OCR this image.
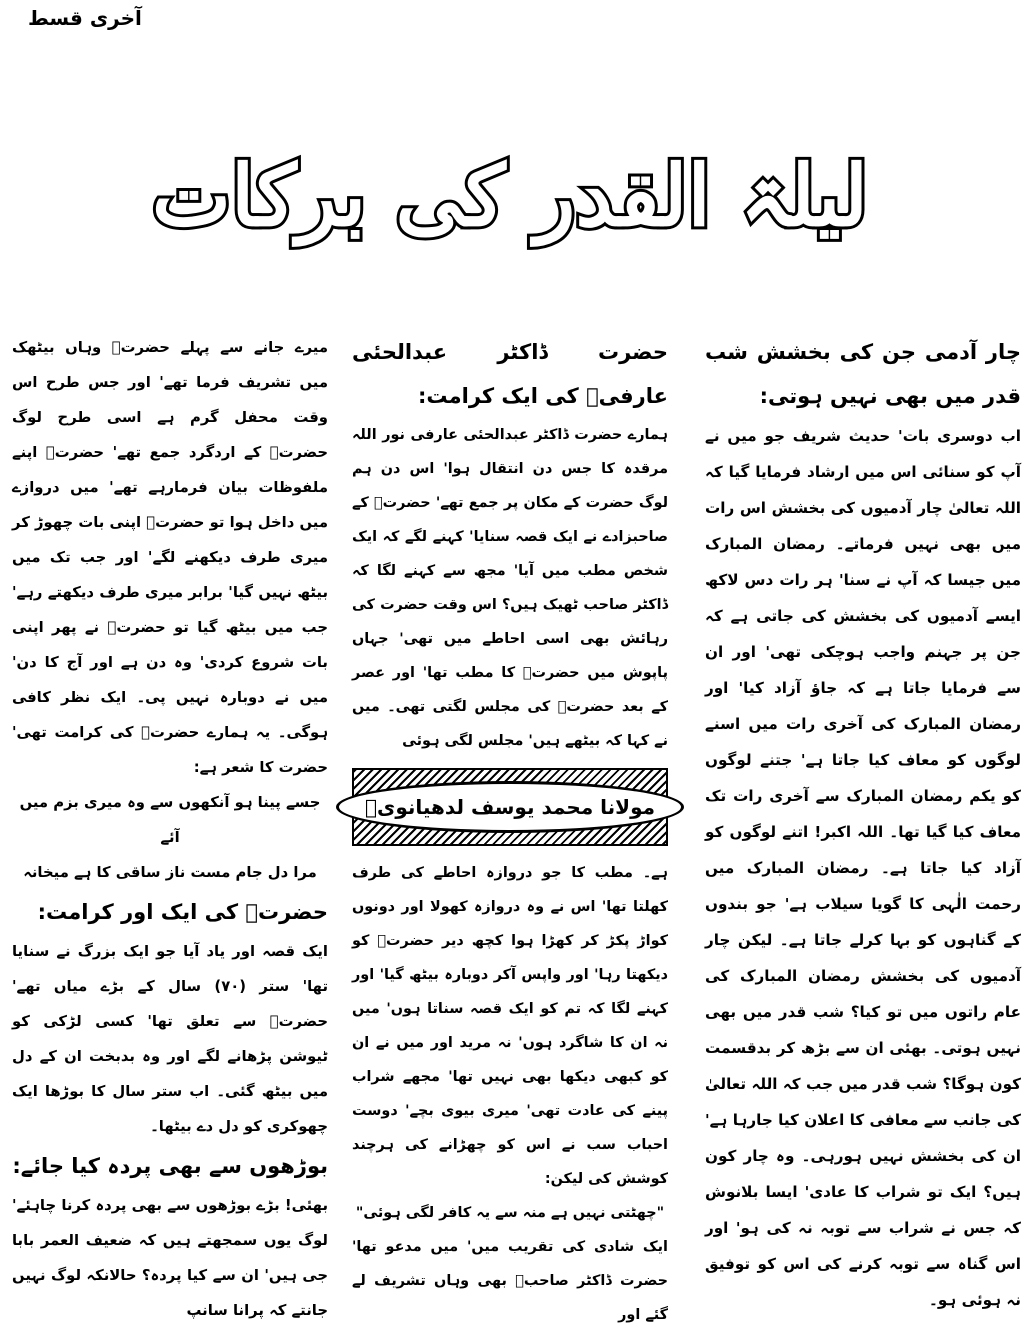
آخری قسط
لیلۃ القدر کی برکات

چار آدمی جن کی بخشش شب قدر میں بھی نہیں ہوتی:

اب دوسری بات' حدیث شریف جو میں نے آپ کو سنائی اس میں ارشاد فرمایا گیا کہ اللہ تعالیٰ چار آدمیوں کی بخشش اس رات میں بھی نہیں فرماتے۔ رمضان المبارک میں جیسا کہ آپ نے سنا' ہر رات دس لاکھ ایسے آدمیوں کی بخشش کی جاتی ہے کہ جن پر جہنم واجب ہوچکی تھی' اور ان سے فرمایا جاتا ہے کہ جاؤ آزاد کیا' اور رمضان المبارک کی آخری رات میں اسنے لوگوں کو معاف کیا جاتا ہے' جتنے لوگوں کو یکم رمضان المبارک سے آخری رات تک معاف کیا گیا تھا۔ اللہ اکبر! اتنے لوگوں کو آزاد کیا جاتا ہے۔ رمضان المبارک میں رحمت الٰہی کا گویا سیلاب ہے' جو بندوں کے گناہوں کو بہا کرلے جاتا ہے۔ لیکن چار آدمیوں کی بخشش رمضان المبارک کی عام راتوں میں تو کیا؟ شب قدر میں بھی نہیں ہوتی۔ بھئی ان سے بڑھ کر بدقسمت کون ہوگا؟ شب قدر میں جب کہ اللہ تعالیٰ کی جانب سے معافی کا اعلان کیا جارہا ہے' ان کی بخشش نہیں ہورہی۔ وہ چار کون ہیں؟ ایک تو شراب کا عادی' ایسا بلانوش کہ جس نے شراب سے توبہ نہ کی ہو' اور اس گناہ سے توبہ کرنے کی اس کو توفیق نہ ہوئی ہو۔

حضرت ڈاکٹر عبدالحئی عارفیؒ کی ایک کرامت:

ہمارے حضرت ڈاکٹر عبدالحئی عارفی نور اللہ مرقدہ کا جس دن انتقال ہوا' اس دن ہم لوگ حضرت کے مکان پر جمع تھے' حضرتؒ کے صاحبزادے نے ایک قصہ سنایا' کہنے لگے کہ ایک شخص مطب میں آیا' مجھ سے کہنے لگا کہ ڈاکٹر صاحب ٹھیک ہیں؟ اس وقت حضرت کی رہائش بھی اسی احاطے میں تھی' جہاں پاپوش میں حضرتؒ کا مطب تھا' اور عصر کے بعد حضرتؒ کی مجلس لگتی تھی۔ میں نے کہا کہ بیٹھے ہیں' مجلس لگی ہوئی

مولانا محمد یوسف لدھیانویؒ

ہے۔ مطب کا جو دروازہ احاطے کی طرف کھلتا تھا' اس نے وہ دروازہ کھولا اور دونوں کواڑ پکڑ کر کھڑا ہوا کچھ دیر حضرتؒ کو دیکھتا رہا' اور واپس آکر دوبارہ بیٹھ گیا' اور کہنے لگا کہ تم کو ایک قصہ سناتا ہوں' میں نہ ان کا شاگرد ہوں' نہ مرید اور میں نے ان کو کبھی دیکھا بھی نہیں تھا' مجھے شراب پینے کی عادت تھی' میری بیوی بچے' دوست احباب سب نے اس کو چھڑانے کی ہرچند کوشش کی لیکن:

"چھٹتی نہیں ہے منہ سے یہ کافر لگی ہوئی"

ایک شادی کی تقریب میں' میں مدعو تھا' حضرت ڈاکٹر صاحبؒ بھی وہاں تشریف لے گئے اور

میرے جانے سے پہلے حضرتؒ وہاں بیٹھک میں تشریف فرما تھے' اور جس طرح اس وقت محفل گرم ہے اسی طرح لوگ حضرتؒ کے اردگرد جمع تھے' حضرتؒ اپنے ملفوظات بیان فرمارہے تھے' میں دروازے میں داخل ہوا تو حضرتؒ اپنی بات چھوڑ کر میری طرف دیکھنے لگے' اور جب تک میں بیٹھ نہیں گیا' برابر میری طرف دیکھتے رہے' جب میں بیٹھ گیا تو حضرتؒ نے پھر اپنی بات شروع کردی' وہ دن ہے اور آج کا دن' میں نے دوبارہ نہیں پی۔ ایک نظر کافی ہوگی۔ یہ ہمارے حضرتؒ کی کرامت تھی' حضرت کا شعر ہے:

جسے پینا ہو آنکھوں سے وہ میری بزم میں آئے

مرا دل جام مست ناز ساقی کا ہے میخانہ

حضرتؒ کی ایک اور کرامت:

ایک قصہ اور یاد آیا جو ایک بزرگ نے سنایا تھا' ستر (۷۰) سال کے بڑے میاں تھے' حضرتؒ سے تعلق تھا' کسی لڑکی کو ٹیوشن پڑھانے لگے اور وہ بدبخت ان کے دل میں بیٹھ گئی۔ اب ستر سال کا بوڑھا ایک چھوکری کو دل دے بیٹھا۔

بوڑھوں سے بھی پردہ کیا جائے:

بھئی! بڑے بوڑھوں سے بھی پردہ کرنا چاہئے' لوگ یوں سمجھتے ہیں کہ ضعیف العمر بابا جی ہیں' ان سے کیا پردہ؟ حالانکہ لوگ نہیں جانتے کہ پرانا سانپ
